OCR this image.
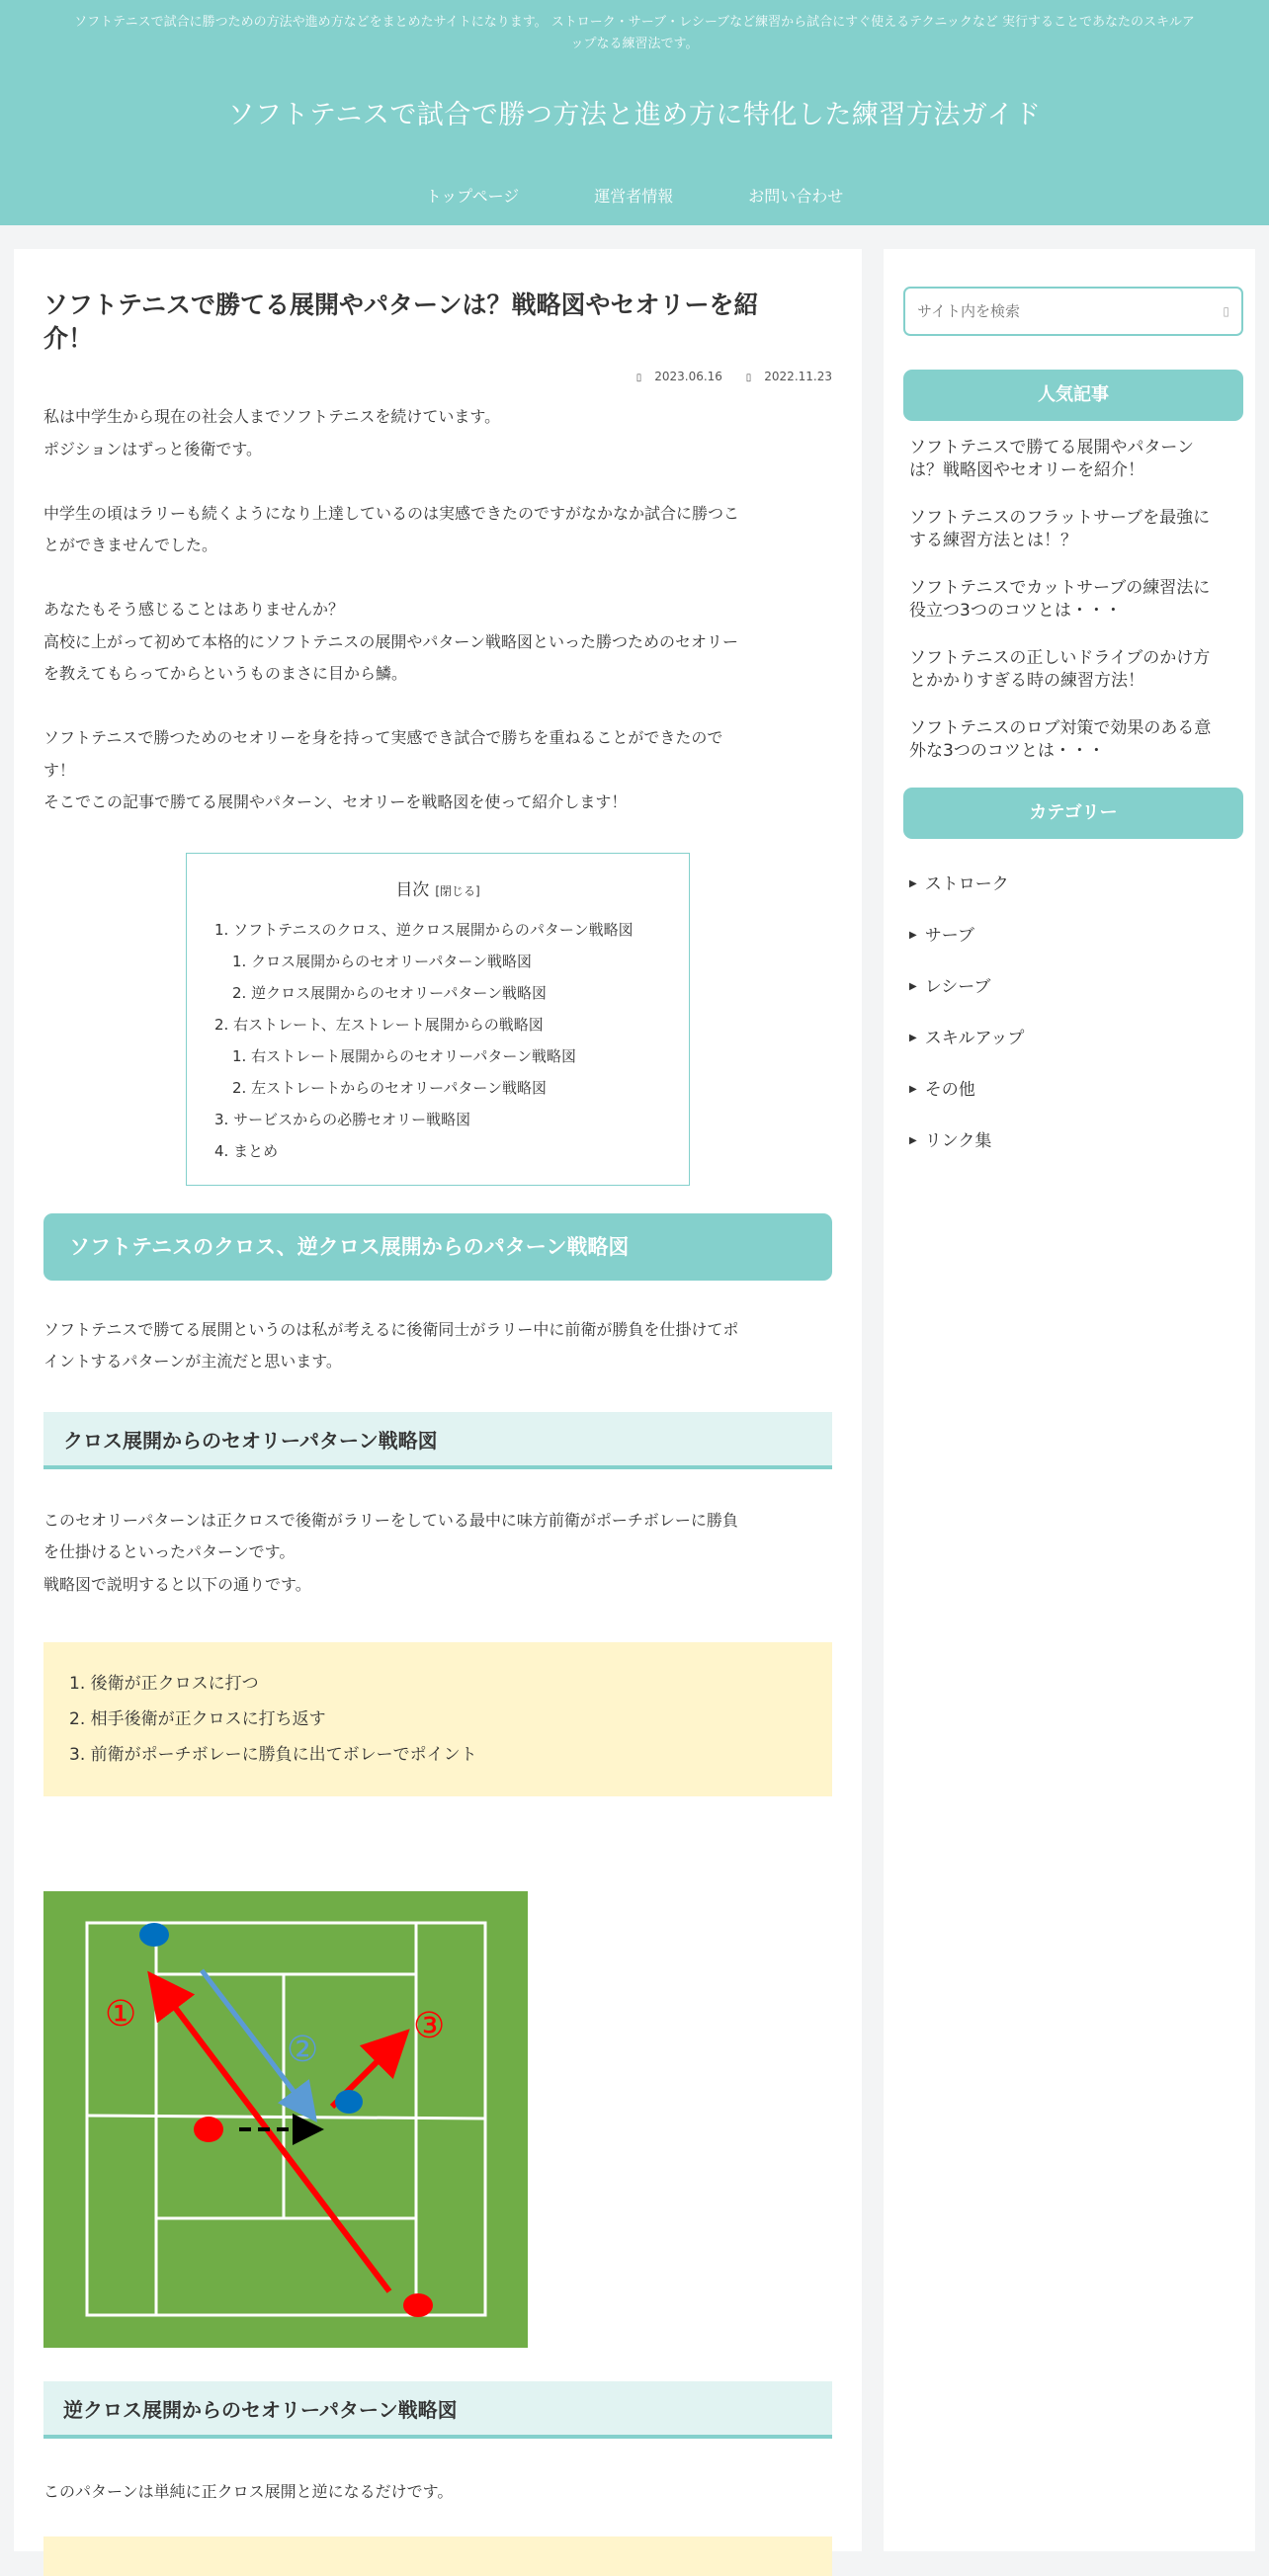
ソフトテニスで試合に勝つための方法や進め方などをまとめたサイトになります。 ストローク・サーブ・レシーブなど練習から試合にすぐ使えるテクニックなど 実行することであなたのスキルア
ップなる練習法です。
ソフトテニスで試合で勝つ方法と進め方に特化した練習方法ガイド
トップページ	運営者情報	お問い合わせ
ソフトテニスで勝てる展開やパターンは？戦略図やセオリーを紹
介！
▯ 2023.06.16 ▯ 2022.11.23

私は中学生から現在の社会人までソフトテニスを続けています。

ポジションはずっと後衛です。

中学生の頃はラリーも続くようになり上達しているのは実感できたのですがなかなか試合に勝つこ

とができませんでした。

あなたもそう感じることはありませんか？

高校に上がって初めて本格的にソフトテニスの展開やパターン戦略図といった勝つためのセオリー

を教えてもらってからというものまさに目から鱗。

ソフトテニスで勝つためのセオリーを身を持って実感でき試合で勝ちを重ねることができたので

す！

そこでこの記事で勝てる展開やパターン、セオリーを戦略図を使って紹介します！

目次 [閉じる]
1. ソフトテニスのクロス、逆クロス展開からのパターン戦略図
1. クロス展開からのセオリーパターン戦略図
2. 逆クロス展開からのセオリーパターン戦略図
2. 右ストレート、左ストレート展開からの戦略図
1. 右ストレート展開からのセオリーパターン戦略図
2. 左ストレートからのセオリーパターン戦略図
3. サービスからの必勝セオリー戦略図
4. まとめ
ソフトテニスのクロス、逆クロス展開からのパターン戦略図

ソフトテニスで勝てる展開というのは私が考えるに後衛同士がラリー中に前衛が勝負を仕掛けてポ

イントするパターンが主流だと思います。

クロス展開からのセオリーパターン戦略図

このセオリーパターンは正クロスで後衛がラリーをしている最中に味方前衛がポーチボレーに勝負

を仕掛けるといったパターンです。

戦略図で説明すると以下の通りです。

1. 後衛が正クロスに打つ
2. 相手後衛が正クロスに打ち返す
3. 前衛がポーチボレーに勝負に出てボレーでポイント
①
②
③
逆クロス展開からのセオリーパターン戦略図

このパターンは単純に正クロス展開と逆になるだけです。

サイト内を検索
▯
人気記事
ソフトテニスで勝てる展開やパターン
は？戦略図やセオリーを紹介！
ソフトテニスのフラットサーブを最強に
する練習方法とは！？
ソフトテニスでカットサーブの練習法に
役立つ3つのコツとは・・・
ソフトテニスの正しいドライブのかけ方
とかかりすぎる時の練習方法！
ソフトテニスのロブ対策で効果のある意
外な3つのコツとは・・・
カテゴリー
▶ ストローク
▶ サーブ
▶ レシーブ
▶ スキルアップ
▶ その他
▶ リンク集
